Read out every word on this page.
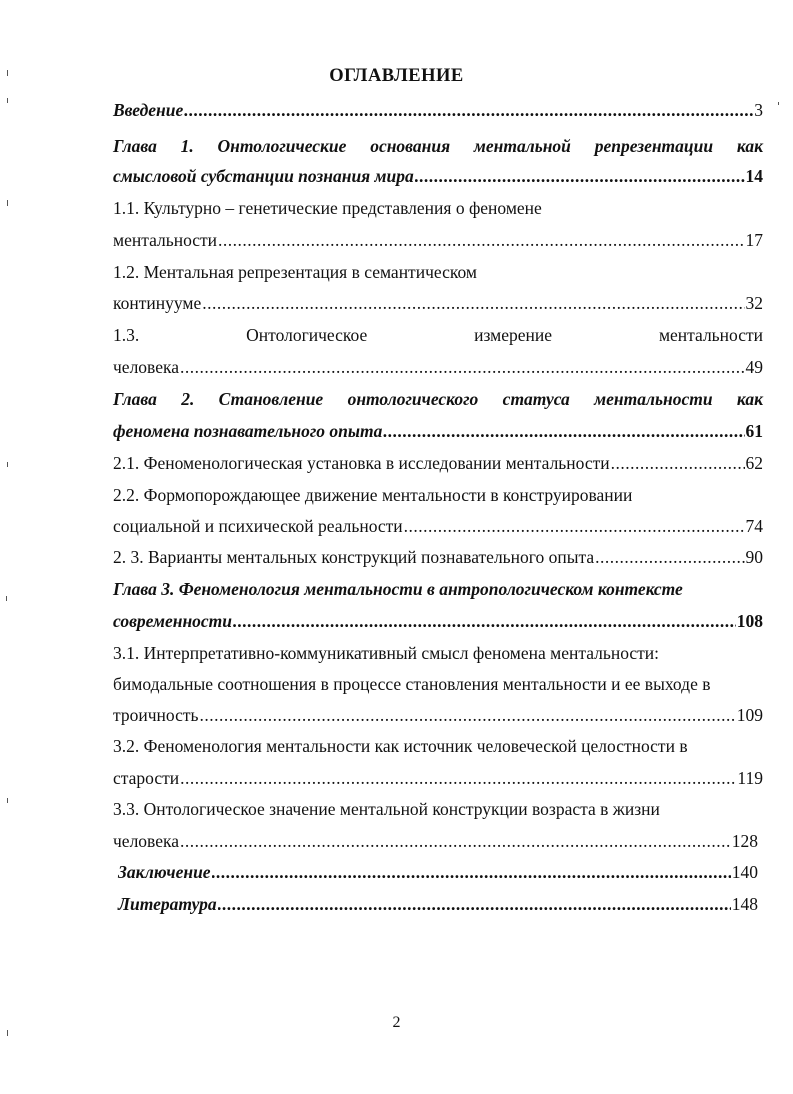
ОГЛАВЛЕНИЕ
Введение .....	3
Глава 1. Онтологические основания ментальной репрезентации как
смысловой субстанции познания мира .....	14
1.1. Культурно – генетические представления о феномене
ментальности .....	17
1.2. Ментальная репрезентация в семантическом
континууме .....	32
1.3.	Онтологическое	измерение	ментальности
человека .....	49
Глава 2. Становление онтологического статуса ментальности как
феномена познавательного опыта .....	61
2.1. Феноменологическая установка в исследовании ментальности .....	62
2.2. Формопорождающее движение ментальности в конструировании
социальной и психической реальности .....	74
2. 3. Варианты ментальных конструкций познавательного опыта .....	90
Глава 3. Феноменология ментальности в антропологическом контексте
современности .....	108
3.1. Интерпретативно-коммуникативный смысл феномена ментальности:
бимодальные соотношения в процессе становления ментальности и ее выходе в
троичность .....	109
3.2. Феноменология ментальности как источник человеческой целостности в
старости .....	119
3.3. Онтологическое значение ментальной конструкции возраста в жизни
человека .....	128
Заключение .....	140
Литература .....	148
2
